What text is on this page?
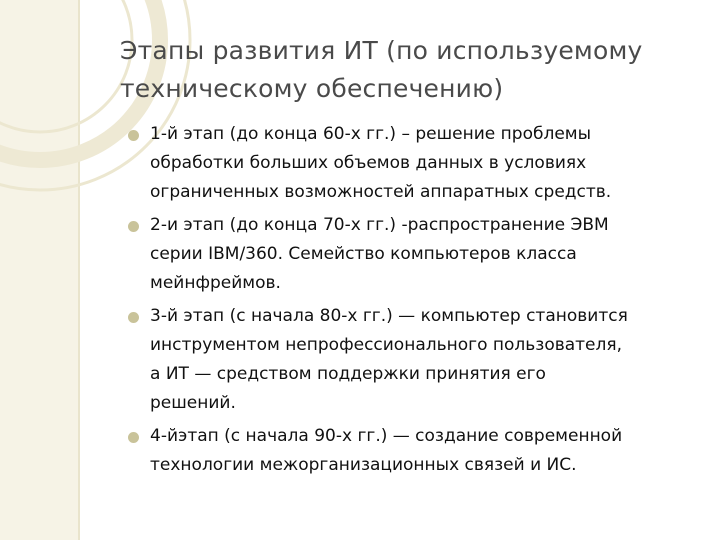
Этапы развития ИТ (по используемому
техническому обеспечению)
1-й этап (до конца 60-х гг.) – решение проблемы
обработки больших объемов данных в условиях
ограниченных возможностей аппаратных средств.
2-и этап (до конца 70-х гг.) -распространение ЭВМ
серии IBM/360. Семейство компьютеров класса
мейнфреймов.
3-й этап (с начала 80-х гг.) — компьютер становится
инструментом непрофессионального пользователя,
а ИТ — средством поддержки принятия его
решений.
4-йэтап (с начала 90-х гг.) — создание современной
технологии межорганизационных связей и ИС.
